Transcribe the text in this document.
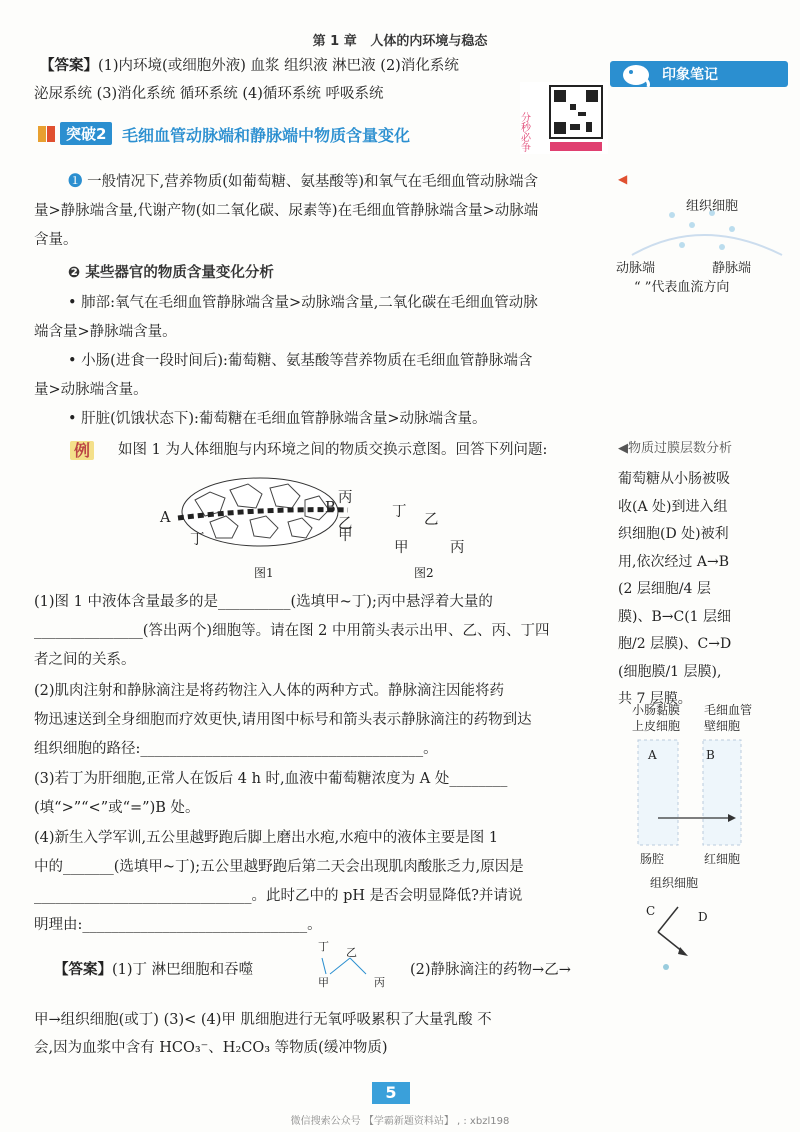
第 1 章 人体的内环境与稳态
印象笔记
【答案】(1)内环境(或细胞外液) 血浆 组织液 淋巴液 (2)消化系统
泌尿系统 (3)消化系统 循环系统 (4)循环系统 呼吸系统
分秒必争
突破2 毛细血管动脉端和静脉端中物质含量变化
❶ 一般情况下,营养物质(如葡萄糖、氨基酸等)和氧气在毛细血管动脉端含
量>静脉端含量,代谢产物(如二氧化碳、尿素等)在毛细血管静脉端含量>动脉端
含量。
❷ 某些器官的物质含量变化分析
• 肺部:氧气在毛细血管静脉端含量>动脉端含量,二氧化碳在毛细血管动脉
端含量>静脉端含量。
• 小肠(进食一段时间后):葡萄糖、氨基酸等营养物质在毛细血管静脉端含
量>动脉端含量。
• 肝脏(饥饿状态下):葡萄糖在毛细血管静脉端含量>动脉端含量。
◀
组织细胞
动脉端	静脉端
“ ”代表血流方向
例 如图 1 为人体细胞与内环境之间的物质交换示意图。回答下列问题:
A
B
丙
乙
甲
丁
图1
丁 乙
甲	丙
图2
(1)图 1 中液体含量最多的是__________(选填甲~丁);丙中悬浮着大量的
_______________(答出两个)细胞等。请在图 2 中用箭头表示出甲、乙、丙、丁四
者之间的关系。
(2)肌肉注射和静脉滴注是将药物注入人体的两种方式。静脉滴注因能将药
物迅速送到全身细胞而疗效更快,请用图中标号和箭头表示静脉滴注的药物到达
组织细胞的路径:_______________________________________。
(3)若丁为肝细胞,正常人在饭后 4 h 时,血液中葡萄糖浓度为 A 处________
(填“>”“<”或“=”)B 处。
(4)新生入学军训,五公里越野跑后脚上磨出水疱,水疱中的液体主要是图 1
中的_______(选填甲~丁);五公里越野跑后第二天会出现肌肉酸胀乏力,原因是
______________________________。此时乙中的 pH 是否会明显降低?并请说
明理由:_______________________________。
◀物质过膜层数分析
葡萄糖从小肠被吸
收(A 处)到进入组
织细胞(D 处)被利
用,依次经过 A→B
(2 层细胞/4 层
膜)、B→C(1 层细
胞/2 层膜)、C→D
(细胞膜/1 层膜),
共 7 层膜。
小肠黏膜
上皮细胞
毛细血管
壁细胞
A	B
肠腔	红细胞
组织细胞
C	D
【答案】(1)丁 淋巴细胞和吞噬
丁 乙
甲	丙
(2)静脉滴注的药物→乙→
甲→组织细胞(或丁) (3)< (4)甲 肌细胞进行无氧呼吸累积了大量乳酸 不
会,因为血浆中含有 HCO₃⁻、H₂CO₃ 等物质(缓冲物质)
5
微信搜索公众号 【学霸新题资料站】 , : xbzl198
